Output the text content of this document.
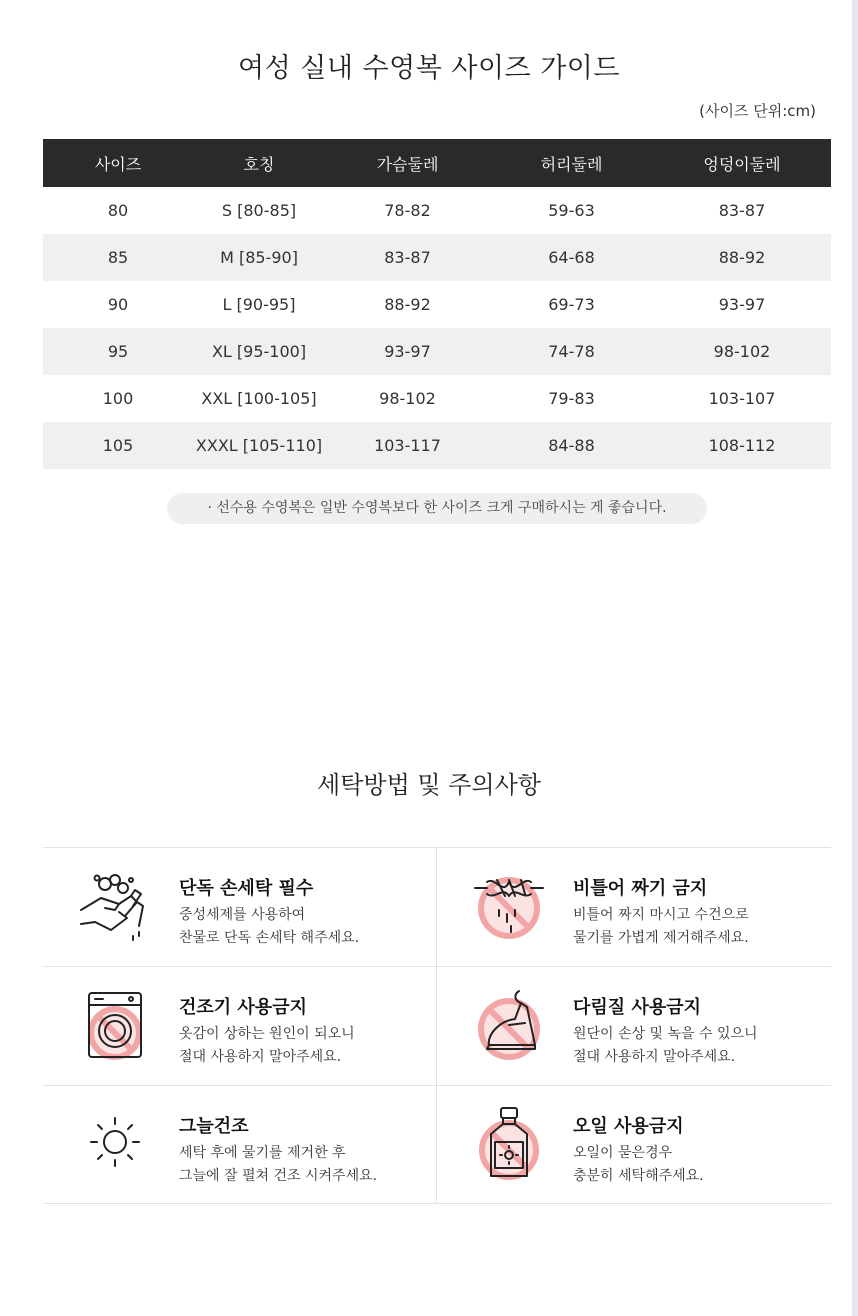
여성 실내 수영복 사이즈 가이드
(사이즈 단위:cm)
사이즈	호칭	가슴둘레	허리둘레	엉덩이둘레
80	S [80-85]	78-82	59-63	83-87
85	M [85-90]	83-87	64-68	88-92
90	L [90-95]	88-92	69-73	93-97
95	XL [95-100]	93-97	74-78	98-102
100	XXL [100-105]	98-102	79-83	103-107
105	XXXL [105-110]	103-117	84-88	108-112
· 선수용 수영복은 일반 수영복보다 한 사이즈 크게 구매하시는 게 좋습니다.
세탁방법 및 주의사항
단독 손세탁 필수
중성세제를 사용하여
찬물로 단독 손세탁 해주세요.
비틀어 짜기 금지
비틀어 짜지 마시고 수건으로
물기를 가볍게 제거해주세요.
건조기 사용금지
옷감이 상하는 원인이 되오니
절대 사용하지 말아주세요.
다림질 사용금지
원단이 손상 및 녹을 수 있으니
절대 사용하지 말아주세요.
그늘건조
세탁 후에 물기를 제거한 후
그늘에 잘 펼쳐 건조 시켜주세요.
오일 사용금지
오일이 묻은경우
충분히 세탁해주세요.
